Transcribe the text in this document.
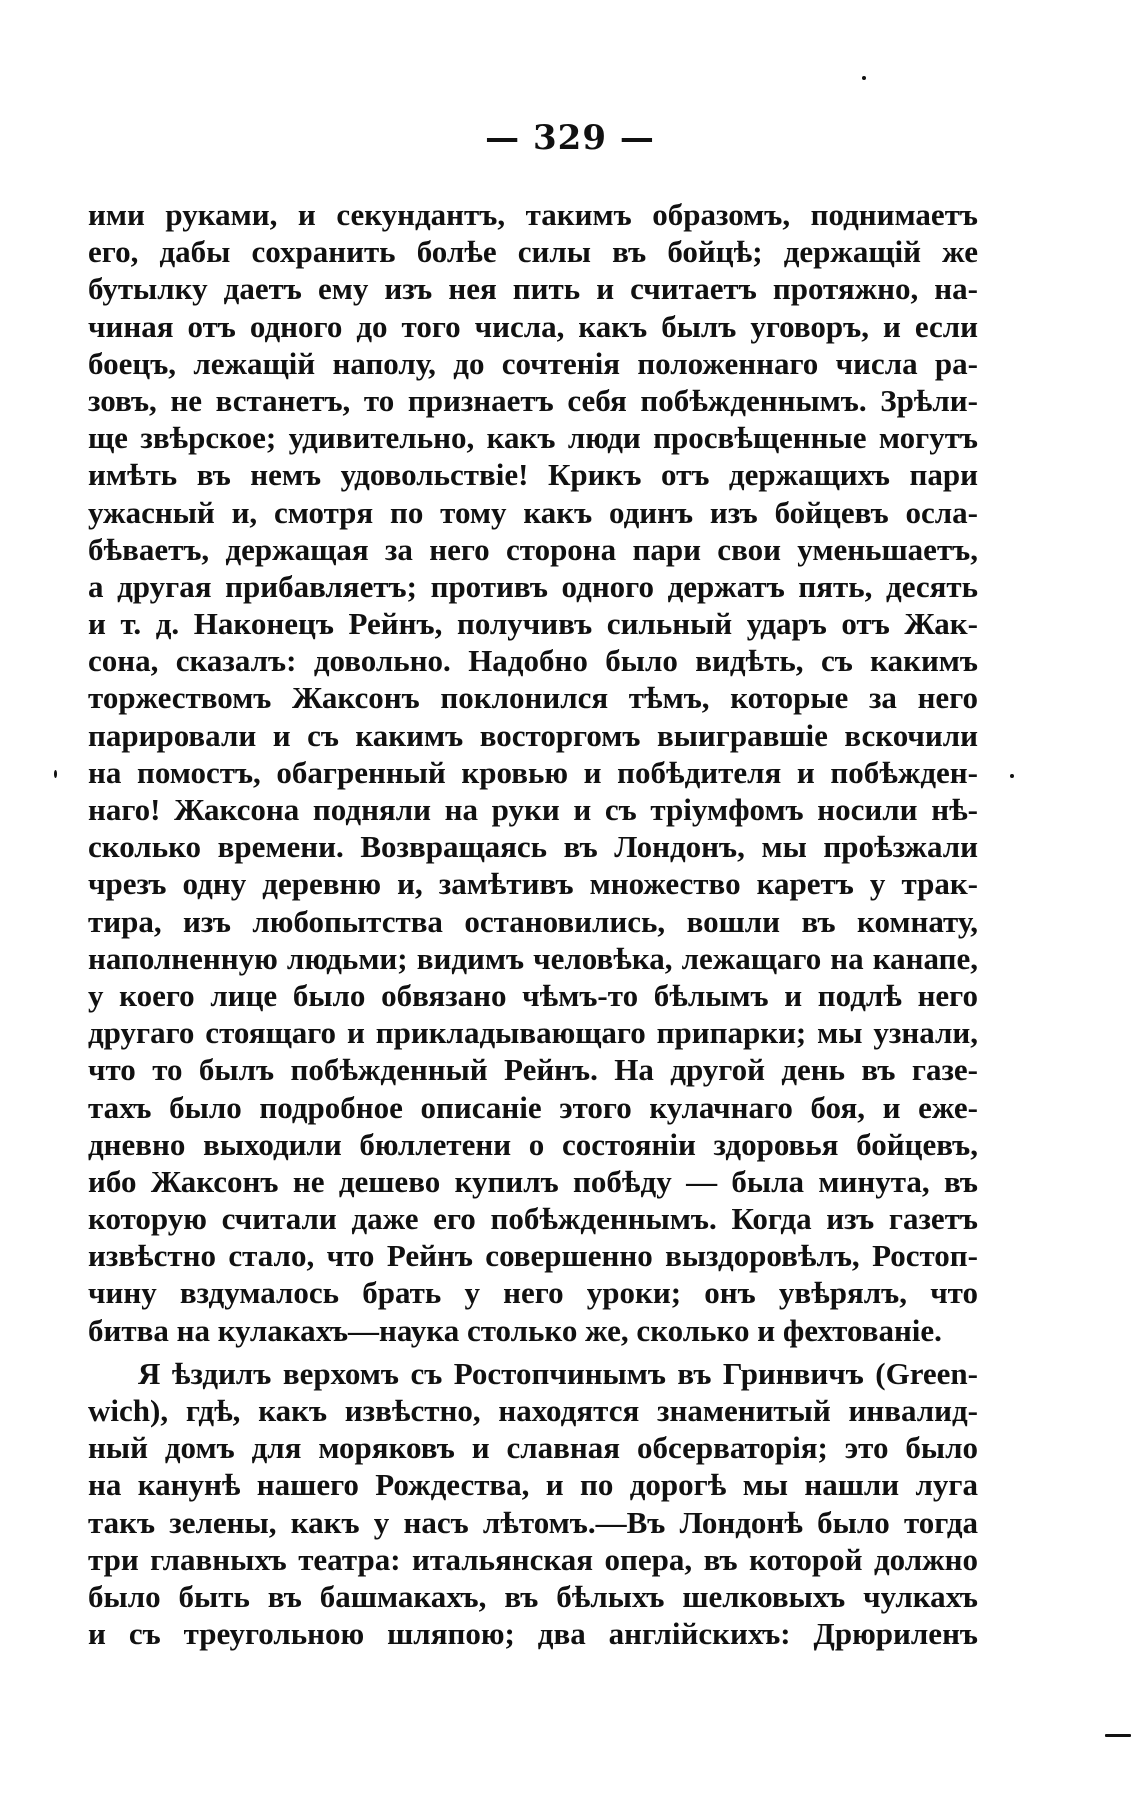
— 329 —
ими руками, и секундантъ, такимъ образомъ, поднимаетъ
его, дабы сохранить болѣе силы въ бойцѣ; держащій же
бутылку даетъ ему изъ нея пить и считаетъ протяжно, на-
чиная отъ одного до того числа, какъ былъ уговоръ, и если
боецъ, лежащій наполу, до сочтенія положеннаго числа ра-
зовъ, не встанетъ, то признаетъ себя побѣжденнымъ. Зрѣли-
ще звѣрское; удивительно, какъ люди просвѣщенные могутъ
имѣть въ немъ удовольствіе! Крикъ отъ держащихъ пари
ужасный и, смотря по тому какъ одинъ изъ бойцевъ осла-
бѣваетъ, держащая за него сторона пари свои уменьшаетъ,
а другая прибавляетъ; противъ одного держатъ пять, десять
и т. д. Наконецъ Рейнъ, получивъ сильный ударъ отъ Жак-
сона, сказалъ: довольно. Надобно было видѣть, съ какимъ
торжествомъ Жаксонъ поклонился тѣмъ, которые за него
парировали и съ какимъ восторгомъ выигравшіе вскочили
на помостъ, обагренный кровью и побѣдителя и побѣжден-
наго! Жаксона подняли на руки и съ тріумфомъ носили нѣ-
сколько времени. Возвращаясь въ Лондонъ, мы проѣзжали
чрезъ одну деревню и, замѣтивъ множество каретъ у трак-
тира, изъ любопытства остановились, вошли въ комнату,
наполненную людьми; видимъ человѣка, лежащаго на канапе,
у коего лице было обвязано чѣмъ-то бѣлымъ и подлѣ него
другаго стоящаго и прикладывающаго припарки; мы узнали,
что то былъ побѣжденный Рейнъ. На другой день въ газе-
тахъ было подробное описаніе этого кулачнаго боя, и еже-
дневно выходили бюллетени о состояніи здоровья бойцевъ,
ибо Жаксонъ не дешево купилъ побѣду — была минута, въ
которую считали даже его побѣжденнымъ. Когда изъ газетъ
извѣстно стало, что Рейнъ совершенно выздоровѣлъ, Ростоп-
чину вздумалось брать у него уроки; онъ увѣрялъ, что
битва на кулакахъ—наука столько же, сколько и фехтованіе.
Я ѣздилъ верхомъ съ Ростопчинымъ въ Гринвичъ (Green-
wich), гдѣ, какъ извѣстно, находятся знаменитый инвалид-
ный домъ для моряковъ и славная обсерваторія; это было
на канунѣ нашего Рождества, и по дорогѣ мы нашли луга
такъ зелены, какъ у насъ лѣтомъ.—Въ Лондонѣ было тогда
три главныхъ театра: итальянская опера, въ которой должно
было быть въ башмакахъ, въ бѣлыхъ шелковыхъ чулкахъ
и съ треугольною шляпою; два англійскихъ: Дрюриленъ
